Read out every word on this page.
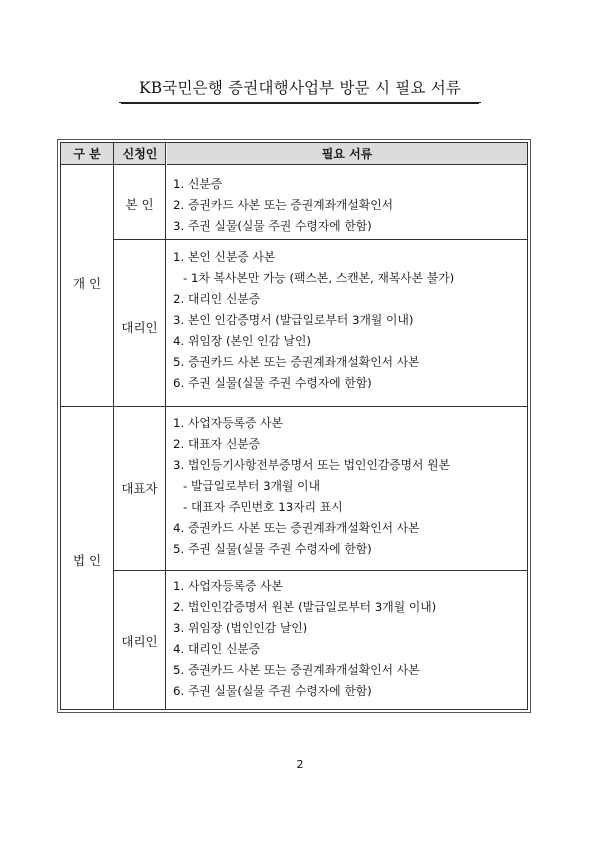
KB국민은행 증권대행사업부 방문 시 필요 서류
구 분	신청인	필요 서류
개 인
본 인
1. 신분증
2. 증권카드 사본 또는 증권계좌개설확인서
3. 주권 실물(실물 주권 수령자에 한함)
대리인
1. 본인 신분증 사본
- 1차 복사본만 가능 (팩스본, 스캔본, 재복사본 불가)
2. 대리인 신분증
3. 본인 인감증명서 (발급일로부터 3개월 이내)
4. 위임장 (본인 인감 날인)
5. 증권카드 사본 또는 증권계좌개설확인서 사본
6. 주권 실물(실물 주권 수령자에 한함)
법 인
대표자
1. 사업자등록증 사본
2. 대표자 신분증
3. 법인등기사항전부증명서 또는 법인인감증명서 원본
- 발급일로부터 3개월 이내
- 대표자 주민번호 13자리 표시
4. 증권카드 사본 또는 증권계좌개설확인서 사본
5. 주권 실물(실물 주권 수령자에 한함)
대리인
1. 사업자등록증 사본
2. 법인인감증명서 원본 (발급일로부터 3개월 이내)
3. 위임장 (법인인감 날인)
4. 대리인 신분증
5. 증권카드 사본 또는 증권계좌개설확인서 사본
6. 주권 실물(실물 주권 수령자에 한함)
2
